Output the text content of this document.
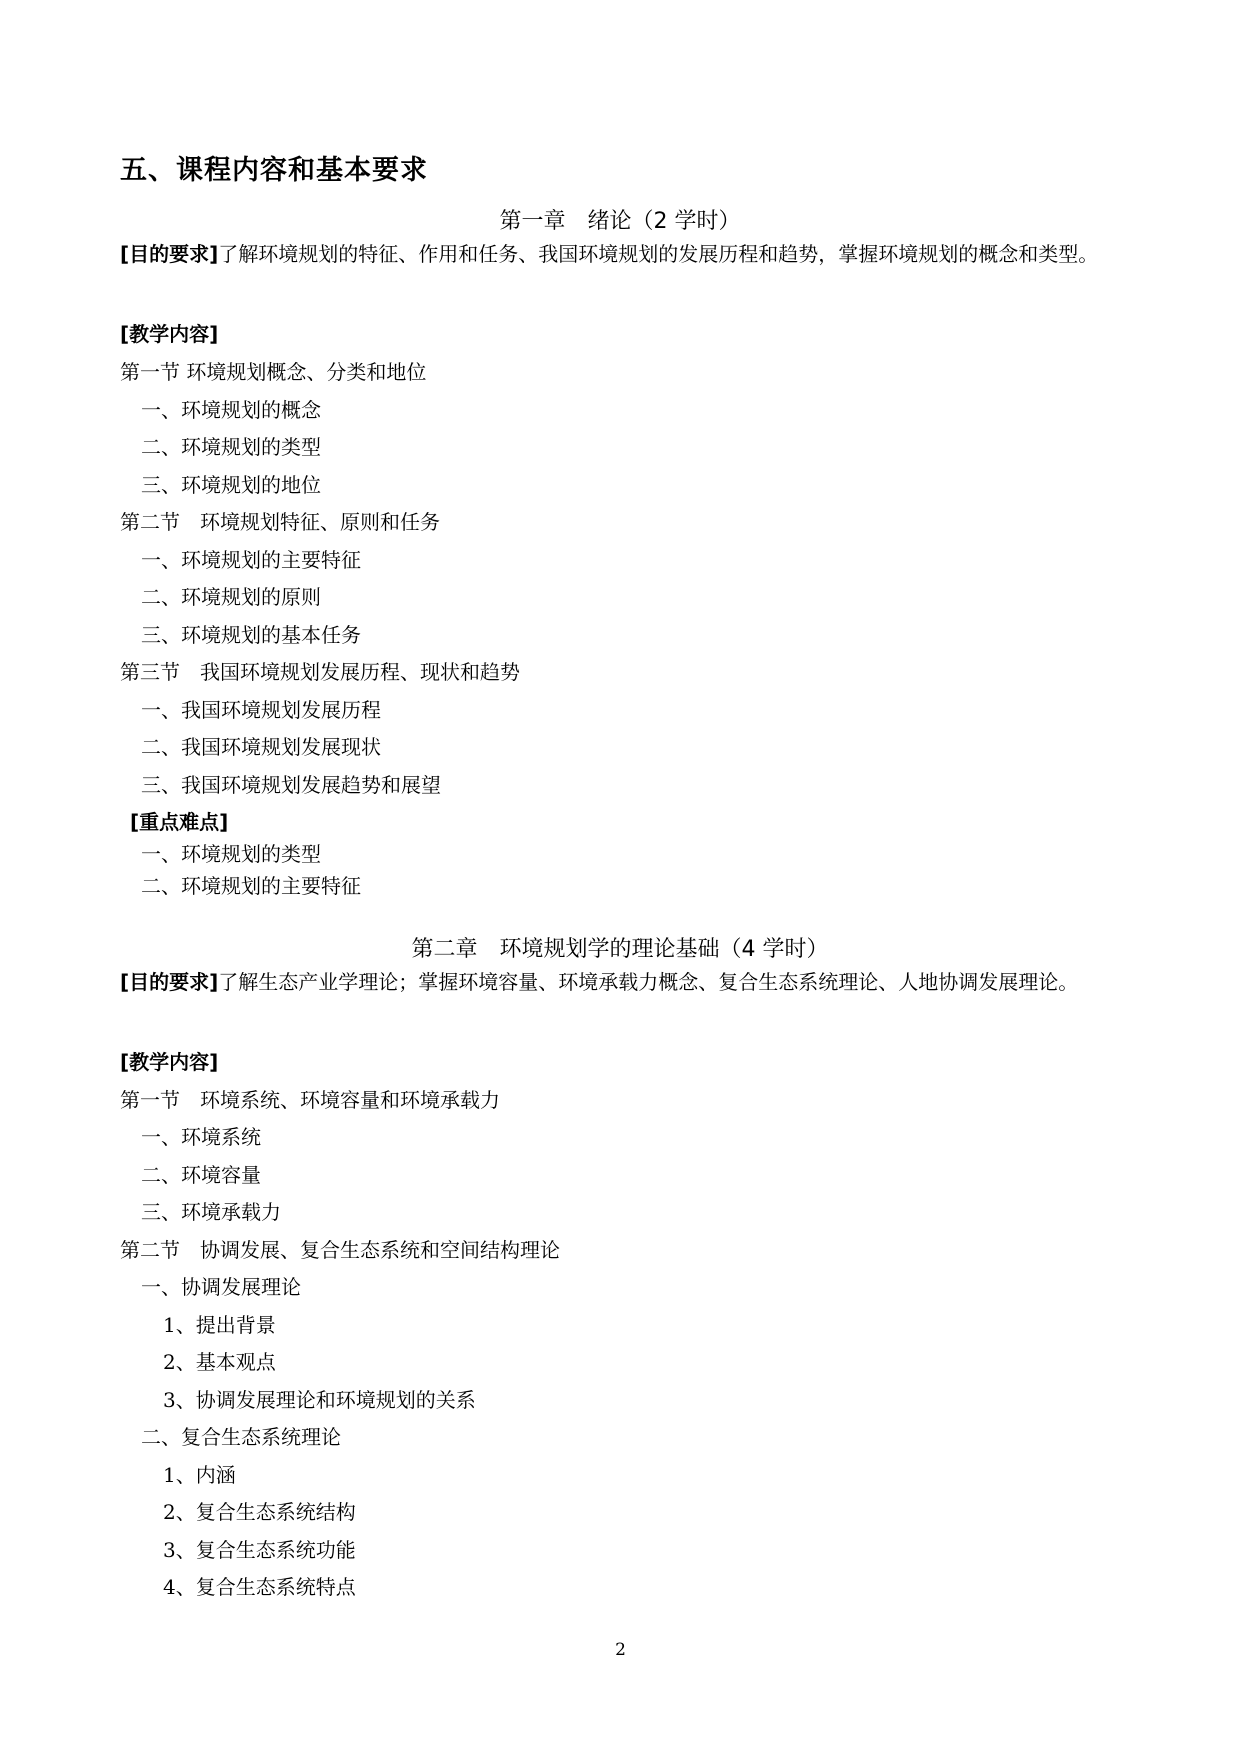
五、课程内容和基本要求
第一章　绪论（2 学时）
[目的要求]了解环境规划的特征、作用和任务、我国环境规划的发展历程和趋势，掌握环境规划的概念和类型。
[教学内容]
第一节 环境规划概念、分类和地位
一、环境规划的概念
二、环境规划的类型
三、环境规划的地位
第二节　环境规划特征、原则和任务
一、环境规划的主要特征
二、环境规划的原则
三、环境规划的基本任务
第三节　我国环境规划发展历程、现状和趋势
一、我国环境规划发展历程
二、我国环境规划发展现状
三、我国环境规划发展趋势和展望
[重点难点]
一、环境规划的类型
二、环境规划的主要特征
第二章　环境规划学的理论基础（4 学时）
[目的要求]了解生态产业学理论；掌握环境容量、环境承载力概念、复合生态系统理论、人地协调发展理论。
[教学内容]
第一节　环境系统、环境容量和环境承载力
一、环境系统
二、环境容量
三、环境承载力
第二节　协调发展、复合生态系统和空间结构理论
一、协调发展理论
1、提出背景
2、基本观点
3、协调发展理论和环境规划的关系
二、复合生态系统理论
1、内涵
2、复合生态系统结构
3、复合生态系统功能
4、复合生态系统特点
2
